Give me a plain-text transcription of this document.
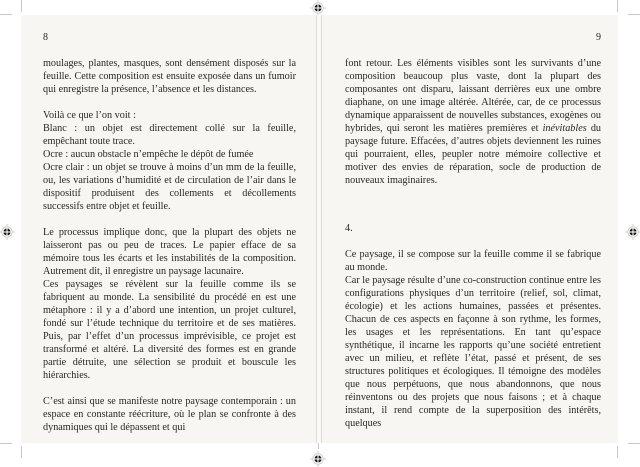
8

moulages, plantes, masques, sont densément disposés sur la feuille. Cette composition est ensuite exposée dans un fumoir qui enregistre la présence, l’absence et les distances.

Voilà ce que l’on voit :

Blanc : un objet est directement collé sur la feuille, empêchant toute trace.

Ocre : aucun obstacle n’empêche le dépôt de fumée

Ocre clair : un objet se trouve à moins d’un mm de la feuille, ou, les variations d’humidité et de circulation de l’air dans le dispositif produisent des collements et décollements successifs entre objet et feuille.

Le processus implique donc, que la plupart des objets ne laisseront pas ou peu de traces. Le papier efface de sa mémoire tous les écarts et les instabilités de la composition. Autrement dit, il enregistre un paysage lacunaire.

Ces paysages se révèlent sur la feuille comme ils se fabriquent au monde. La sensibilité du procédé en est une métaphore : il y a d’abord une intention, un projet culturel, fondé sur l’étude technique du territoire et de ses matières. Puis, par l’effet d’un processus imprévisible, ce projet est transformé et altéré. La diversité des formes est en grande partie détruite, une sélection se produit et bouscule les hiérarchies.

C’est ainsi que se manifeste notre paysage contemporain : un espace en constante réécriture, où le plan se confronte à des dynamiques qui le dépassent et qui

9

font retour. Les éléments visibles sont les survivants d’une composition beaucoup plus vaste, dont la plupart des composantes ont disparu, laissant derrières eux une ombre diaphane, on une image altérée. Altérée, car, de ce processus dynamique apparaissent de nouvelles substances, exogènes ou hybrides, qui seront les matières premières et inévitables du paysage future. Effacées, d’autres objets deviennent les ruines qui pourraient, elles, peupler notre mémoire collective et motiver des envies de réparation, socle de production de nouveaux imaginaires.

4.

Ce paysage, il se compose sur la feuille comme il se fabrique au monde.

Car le paysage résulte d’une co-construction continue entre les configurations physiques d’un territoire (relief, sol, climat, écologie) et les actions humaines, passées et présentes. Chacun de ces aspects en façonne à son rythme, les formes, les usages et les représentations. En tant qu’espace synthétique, il incarne les rapports qu’une société entretient avec un milieu, et reflète l’état, passé et présent, de ses structures politiques et écologiques. Il témoigne des modèles que nous perpétuons, que nous abandonnons, que nous réinventons ou des projets que nous faisons ; et à chaque instant, il rend compte de la superposition des intérêts, quelques
